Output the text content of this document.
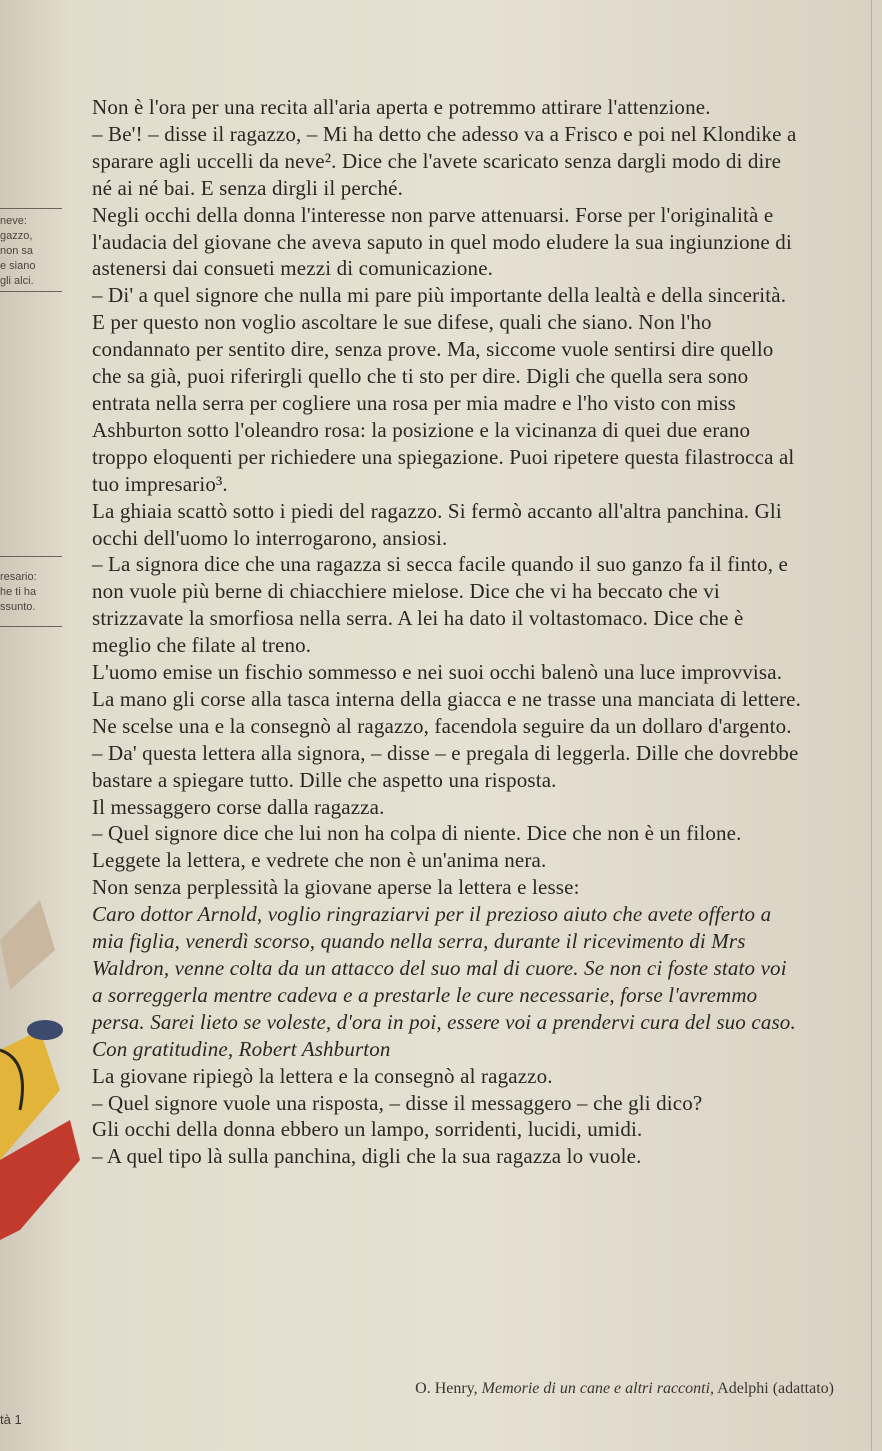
neve:
gazzo,
non sa
e siano
gli alci.
resario:
he ti ha
ssunto.

Non è l'ora per una recita all'aria aperta e potremmo attirare l'attenzione.

– Be'! – disse il ragazzo, – Mi ha detto che adesso va a Frisco e poi nel Klondike a sparare agli uccelli da neve². Dice che l'avete scaricato senza dargli modo di dire né ai né bai. E senza dirgli il perché.

Negli occhi della donna l'interesse non parve attenuarsi. Forse per l'originalità e l'audacia del giovane che aveva saputo in quel modo eludere la sua ingiunzione di astenersi dai consueti mezzi di comunicazione.

– Di' a quel signore che nulla mi pare più importante della lealtà e della sincerità. E per questo non voglio ascoltare le sue difese, quali che siano. Non l'ho condannato per sentito dire, senza prove. Ma, siccome vuole sentirsi dire quello che sa già, puoi riferirgli quello che ti sto per dire. Digli che quella sera sono entrata nella serra per cogliere una rosa per mia madre e l'ho visto con miss Ashburton sotto l'oleandro rosa: la posizione e la vicinanza di quei due erano troppo eloquenti per richiedere una spiegazione. Puoi ripetere questa filastrocca al tuo impresario³.

La ghiaia scattò sotto i piedi del ragazzo. Si fermò accanto all'altra panchina. Gli occhi dell'uomo lo interrogarono, ansiosi.

– La signora dice che una ragazza si secca facile quando il suo ganzo fa il finto, e non vuole più berne di chiacchiere mielose. Dice che vi ha beccato che vi strizzavate la smorfiosa nella serra. A lei ha dato il voltastomaco. Dice che è meglio che filate al treno.

L'uomo emise un fischio sommesso e nei suoi occhi balenò una luce improvvisa. La mano gli corse alla tasca interna della giacca e ne trasse una manciata di lettere. Ne scelse una e la consegnò al ragazzo, facendola seguire da un dollaro d'argento.

– Da' questa lettera alla signora, – disse – e pregala di leggerla. Dille che dovrebbe bastare a spiegare tutto. Dille che aspetto una risposta.

Il messaggero corse dalla ragazza.

– Quel signore dice che lui non ha colpa di niente. Dice che non è un filone. Leggete la lettera, e vedrete che non è un'anima nera.

Non senza perplessità la giovane aperse la lettera e lesse:

Caro dottor Arnold, voglio ringraziarvi per il prezioso aiuto che avete offerto a mia figlia, venerdì scorso, quando nella serra, durante il ricevimento di Mrs Waldron, venne colta da un attacco del suo mal di cuore. Se non ci foste stato voi a sorreggerla mentre cadeva e a prestarle le cure necessarie, forse l'avremmo persa. Sarei lieto se voleste, d'ora in poi, essere voi a prendervi cura del suo caso.

Con gratitudine, Robert Ashburton

La giovane ripiegò la lettera e la consegnò al ragazzo.

– Quel signore vuole una risposta, – disse il messaggero – che gli dico?

Gli occhi della donna ebbero un lampo, sorridenti, lucidi, umidi.

– A quel tipo là sulla panchina, digli che la sua ragazza lo vuole.

O. Henry, Memorie di un cane e altri racconti, Adelphi (adattato)
tà 1
